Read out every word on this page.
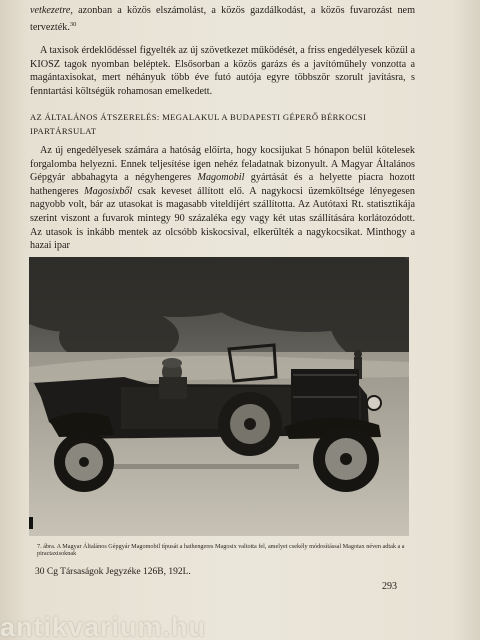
vetkezetre, azonban a közös elszámolást, a közös gazdálkodást, a közös fuvarozást nem tervezték.$^{30}$

A taxisok érdeklődéssel figyelték az új szövetkezet működését, a friss engedélyesek közül a KIOSZ tagok nyomban beléptek. Elsősorban a közös garázs és a javítóműhely vonzotta a magántaxisokat, mert néhányuk több éve futó autója egyre többször szorult javításra, s fenntartási költségük rohamosan emelkedett.

AZ ÁLTALÁNOS ÁTSZERELÉS: MEGALAKUL A BUDAPESTI GÉPERŐ BÉRKOCSI IPARTÁRSULAT

Az új engedélyesek számára a hatóság előírta, hogy kocsijukat 5 hónapon belül kötelesek forgalomba helyezni. Ennek teljesítése igen nehéz feladatnak bizonyult. A Magyar Általános Gépgyár abbahagyta a négyhengeres Magomobil gyártását és a helyette piacra hozott hathengeres Magosixből csak keveset állított elő. A nagykocsi üzemköltsége lényegesen nagyobb volt, bár az utasokat is magasabb viteldíjért szállította. Az Autótaxi Rt. statisztikája szerint viszont a fuvarok mintegy 90 százaléka egy vagy két utas szállítására korlátozódott. Az utasok is inkább mentek az olcsóbb kiskocsival, elkerülték a nagykocsikat. Minthogy a hazai ipar

7. ábra. A Magyar Általános Gépgyár Magomobil típusát a hathengeres Magosix valtotta fel, amelyet csekély módosítással Magotax néven adtak a a piractaxisoknak

30 Cg Társaságok Jegyzéke 126B, 192L.
293
antikvarium.hu
